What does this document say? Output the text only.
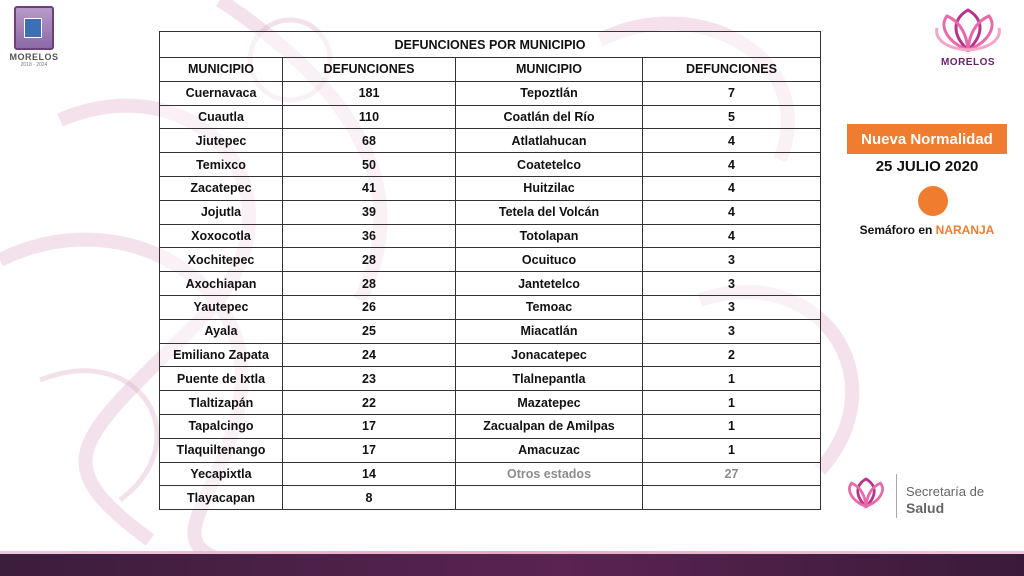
MORELOS
2018 - 2024
DEFUNCIONES POR MUNICIPIO			
MUNICIPIO	DEFUNCIONES	MUNICIPIO	DEFUNCIONES
Cuernavaca	181	Tepoztlán	7
Cuautla	110	Coatlán del Río	5
Jiutepec	68	Atlatlahucan	4
Temixco	50	Coatetelco	4
Zacatepec	41	Huitzilac	4
Jojutla	39	Tetela del Volcán	4
Xoxocotla	36	Totolapan	4
Xochitepec	28	Ocuituco	3
Axochiapan	28	Jantetelco	3
Yautepec	26	Temoac	3
Ayala	25	Miacatlán	3
Emiliano Zapata	24	Jonacatepec	2
Puente de Ixtla	23	Tlalnepantla	1
Tlaltizapán	22	Mazatepec	1
Tapalcingo	17	Zacualpan de Amilpas	1
Tlaquiltenango	17	Amacuzac	1
Yecapixtla	14	Otros estados	27
Tlayacapan	8		
MORELOS
Nueva Normalidad
25 JULIO 2020
Semáforo en NARANJA
Secretaría de
Salud
